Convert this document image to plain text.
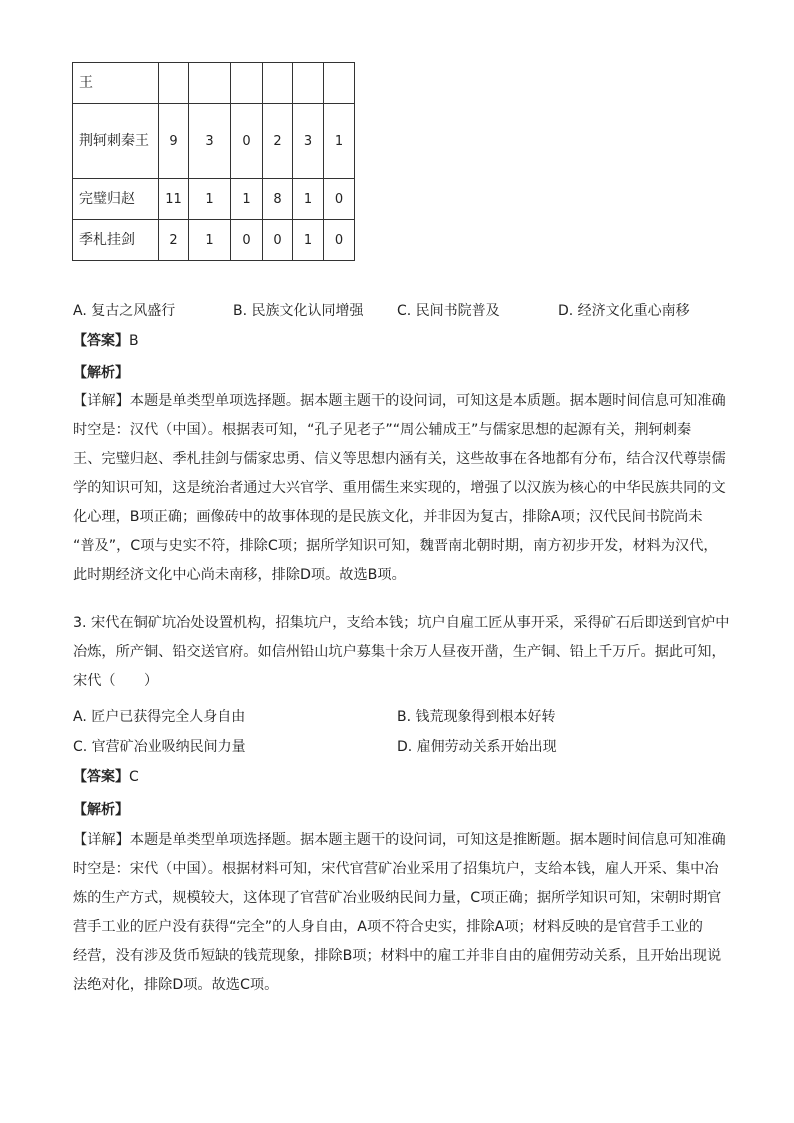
王						
荆轲刺秦王	9	3	0	2	3	1
完璧归赵	11	1	1	8	1	0
季札挂剑	2	1	0	0	1	0
A. 复古之风盛行	B. 民族文化认同增强 C. 民间书院普及	D. 经济文化重心南移
【答案】B
【解析】
【详解】本题是单类型单项选择题。据本题主题干的设问词，可知这是本质题。据本题时间信息可知准确
时空是：汉代（中国）。根据表可知，“孔子见老子”“周公辅成王”与儒家思想的起源有关，荆轲刺秦
王、完璧归赵、季札挂剑与儒家忠勇、信义等思想内涵有关，这些故事在各地都有分布，结合汉代尊崇儒
学的知识可知，这是统治者通过大兴官学、重用儒生来实现的，增强了以汉族为核心的中华民族共同的文
化心理，B项正确；画像砖中的故事体现的是民族文化，并非因为复古，排除A项；汉代民间书院尚未
“普及”，C项与史实不符，排除C项；据所学知识可知，魏晋南北朝时期，南方初步开发，材料为汉代，
此时期经济文化中心尚未南移，排除D项。故选B项。
3. 宋代在铜矿坑冶处设置机构，招集坑户，支给本钱；坑户自雇工匠从事开采，采得矿石后即送到官炉中
冶炼，所产铜、铅交送官府。如信州铅山坑户募集十余万人昼夜开凿，生产铜、铅上千万斤。据此可知，
宋代（　　）
A. 匠户已获得完全人身自由	B. 钱荒现象得到根本好转
C. 官营矿冶业吸纳民间力量	D. 雇佣劳动关系开始出现
【答案】C
【解析】
【详解】本题是单类型单项选择题。据本题主题干的设问词，可知这是推断题。据本题时间信息可知准确
时空是：宋代（中国）。根据材料可知，宋代官营矿冶业采用了招集坑户，支给本钱，雇人开采、集中冶
炼的生产方式，规模较大，这体现了官营矿冶业吸纳民间力量，C项正确；据所学知识可知，宋朝时期官
营手工业的匠户没有获得“完全”的人身自由，A项不符合史实，排除A项；材料反映的是官营手工业的
经营，没有涉及货币短缺的钱荒现象，排除B项；材料中的雇工并非自由的雇佣劳动关系，且开始出现说
法绝对化，排除D项。故选C项。
